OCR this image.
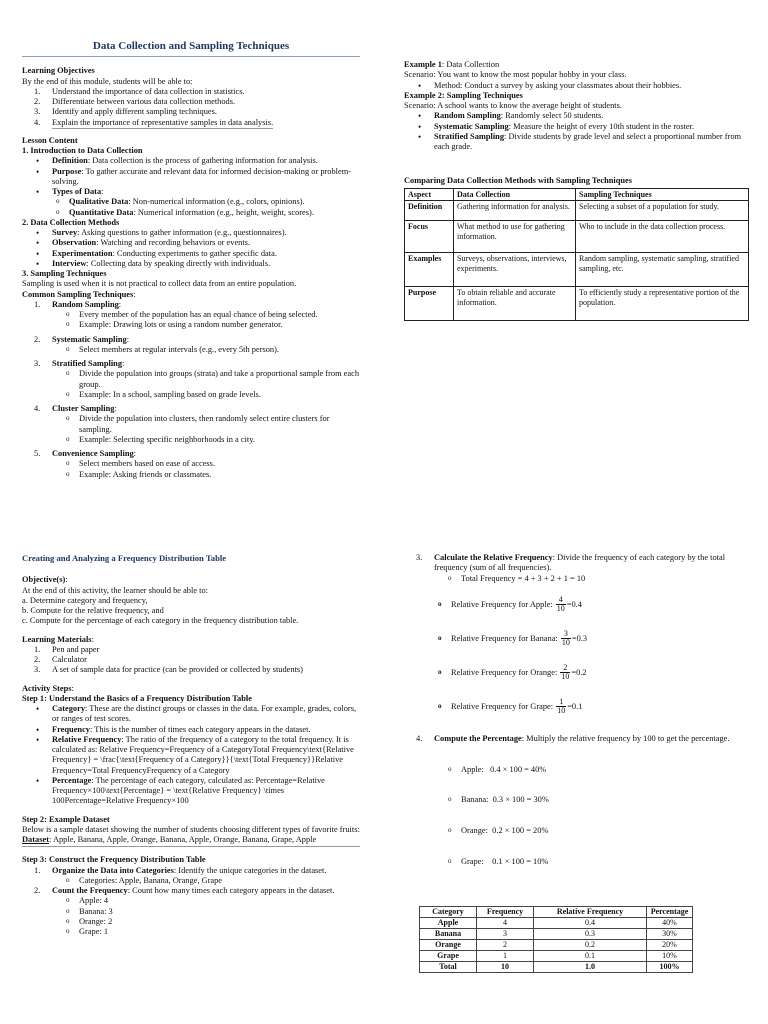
Data Collection and Sampling Techniques

Learning Objectives

By the end of this module, students will be able to:

1. Understand the importance of data collection in statistics.
2. Differentiate between various data collection methods.
3. Identify and apply different sampling techniques.
4. Explain the importance of representative samples in data analysis.

Lesson Content

1. Introduction to Data Collection

• Definition: Data collection is the process of gathering information for analysis.
• Purpose: To gather accurate and relevant data for informed decision-making or problem-solving.
• Types of Data:
o Qualitative Data: Non-numerical information (e.g., colors, opinions).
o Quantitative Data: Numerical information (e.g., height, weight, scores).

2. Data Collection Methods

• Survey: Asking questions to gather information (e.g., questionnaires).
• Observation: Watching and recording behaviors or events.
• Experimentation: Conducting experiments to gather specific data.
• Interview: Collecting data by speaking directly with individuals.

3. Sampling Techniques

Sampling is used when it is not practical to collect data from an entire population.

Common Sampling Techniques:

1. Random Sampling:
o Every member of the population has an equal chance of being selected.
o Example: Drawing lots or using a random number generator.
2. Systematic Sampling:
o Select members at regular intervals (e.g., every 5th person).
3. Stratified Sampling:
o Divide the population into groups (strata) and take a proportional sample from each group.
o Example: In a school, sampling based on grade levels.
4. Cluster Sampling:
o Divide the population into clusters, then randomly select entire clusters for sampling.
o Example: Selecting specific neighborhoods in a city.
5. Convenience Sampling:
o Select members based on ease of access.
o Example: Asking friends or classmates.

Example 1: Data Collection

Scenario: You want to know the most popular hobby in your class.

• Method: Conduct a survey by asking your classmates about their hobbies.

Example 2: Sampling Techniques

Scenario: A school wants to know the average height of students.

• Random Sampling: Randomly select 50 students.
• Systematic Sampling: Measure the height of every 10th student in the roster.
• Stratified Sampling: Divide students by grade level and select a proportional number from each grade.

Comparing Data Collection Methods with Sampling Techniques

Aspect	Data Collection	Sampling Techniques
Definition	Gathering information for analysis.	Selecting a subset of a population for study.
Focus	What method to use for gathering information.	Who to include in the data collection process.
Examples	Surveys, observations, interviews, experiments.	Random sampling, systematic sampling, stratified sampling, etc.
Purpose	To obtain reliable and accurate information.	To efficiently study a representative portion of the population.

Creating and Analyzing a Frequency Distribution Table

Objective(s):

At the end of this activity, the learner should be able to:

a. Determine category and frequency,

b. Compute for the relative frequency, and

c. Compute for the percentage of each category in the frequency distribution table.

Learning Materials:

1. Pen and paper
2. Calculator
3. A set of sample data for practice (can be provided or collected by students)

Activity Steps:

Step 1: Understand the Basics of a Frequency Distribution Table

• Category: These are the distinct groups or classes in the data. For example, grades, colors, or ranges of test scores.
• Frequency: This is the number of times each category appears in the dataset.
• Relative Frequency: The ratio of the frequency of a category to the total frequency. It is calculated as: Relative Frequency=Frequency of a CategoryTotal Frequency\text{Relative Frequency} = \frac{\text{Frequency of a Category}}{\text{Total Frequency}}Relative Frequency=Total FrequencyFrequency of a Category
• Percentage: The percentage of each category, calculated as: Percentage=Relative Frequency×100\text{Percentage} = \text{Relative Frequency} \times 100Percentage=Relative Frequency×100

Step 2: Example Dataset

Below is a sample dataset showing the number of students choosing different types of favorite fruits:

Dataset: Apple, Banana, Apple, Orange, Banana, Apple, Orange, Banana, Grape, Apple

Step 3: Construct the Frequency Distribution Table

1. Organize the Data into Categories: Identify the unique categories in the dataset.
o Categories: Apple, Banana, Orange, Grape
2. Count the Frequency: Count how many times each category appears in the dataset.
o Apple: 4
o Banana: 3
o Orange: 2
o Grape: 1
3. Calculate the Relative Frequency: Divide the frequency of each category by the total frequency (sum of all frequencies).
o Total Frequency = 4 + 3 + 2 + 1 = 10
o Relative Frequency for Apple:
$\frac{4}{10} =0.4$
o Relative Frequency for Banana:
$\frac{3}{10} =0.3$
o Relative Frequency for Orange:
$\frac{2}{10} =0.2$
o Relative Frequency for Grape:
$\frac{1}{10} =0.1$
4. Compute the Percentage: Multiply the relative frequency by 100 to get the percentage.

o Apple:   0.4 × 100 = 40%

o Banana:  0.3 × 100 = 30%

o Orange:  0.2 × 100 = 20%

o Grape:    0.1 × 100 = 10%

Category	Frequency	Relative Frequency	Percentage
Apple	4	0.4	40%
Banana	3	0.3	30%
Orange	2	0.2	20%
Grape	1	0.1	10%
Total	10	1.0	100%
